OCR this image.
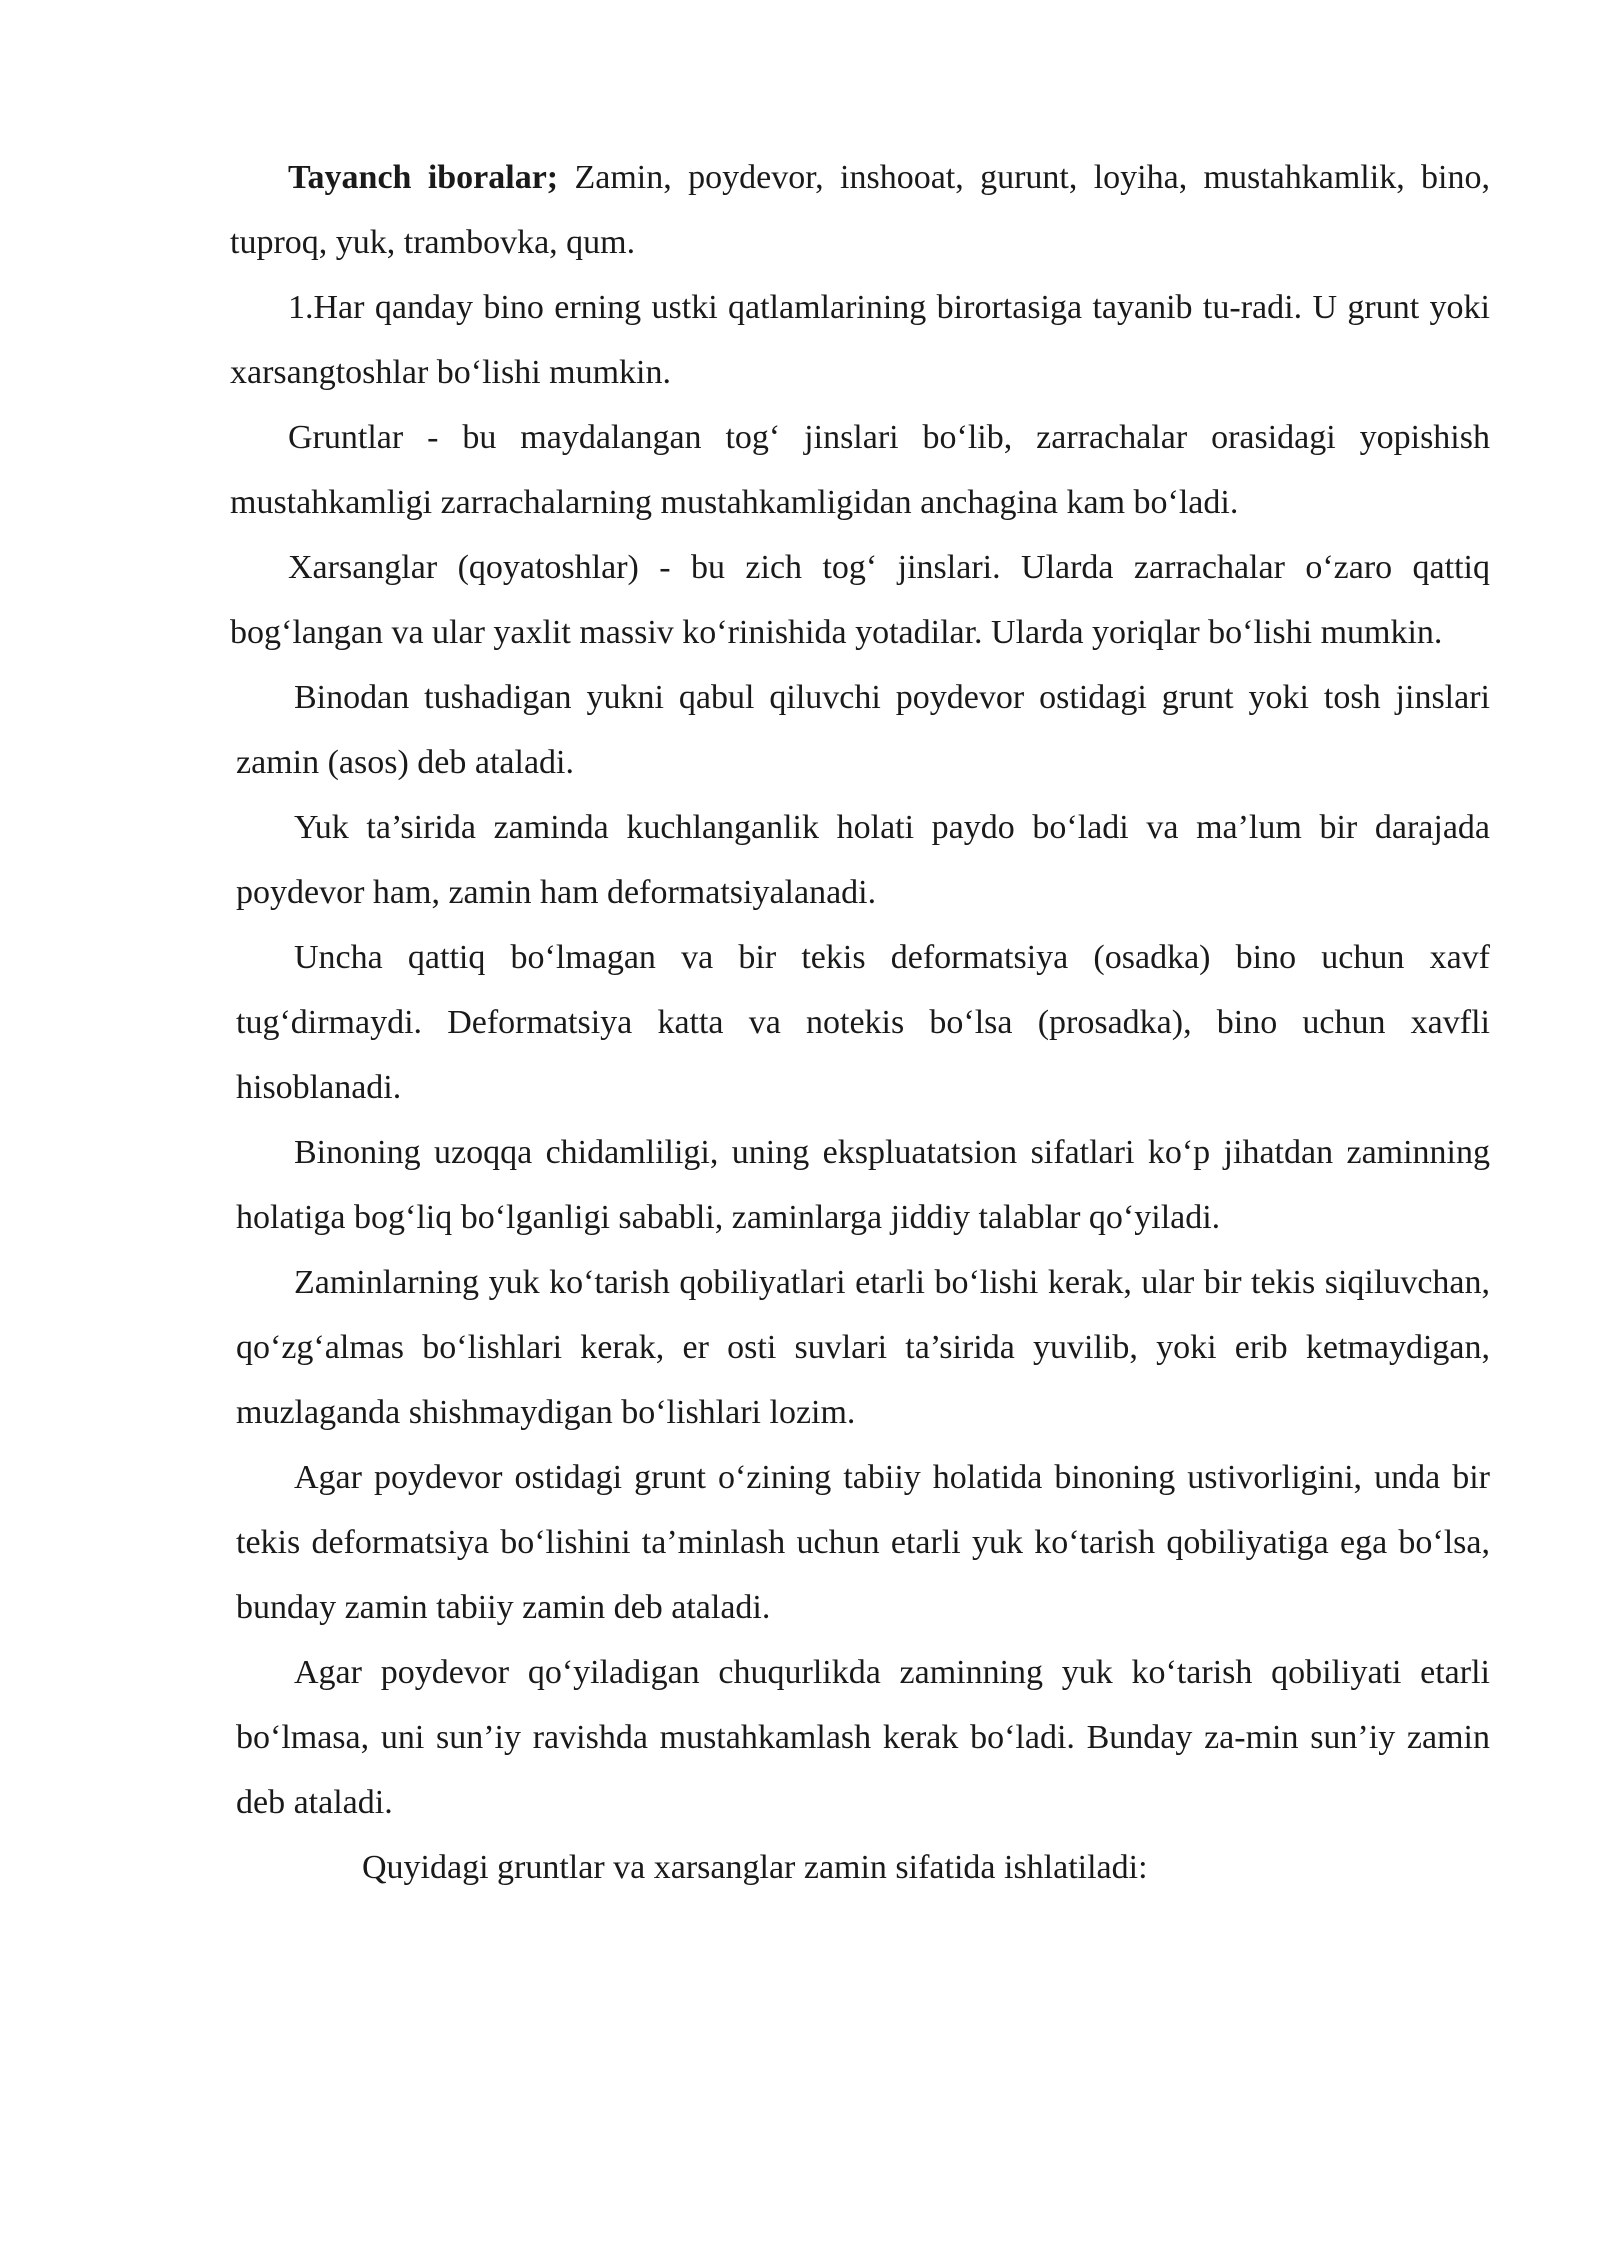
Tayanch iboralar; Zamin, poydevor, inshooat, gurunt, loyiha, mustahkamlik, bino, tuproq, yuk, trambovka, qum.

1.Har qanday bino erning ustki qatlamlarining birortasiga tayanib tu-radi. U grunt yoki xarsangtoshlar bo‘lishi mumkin.

Gruntlar - bu maydalangan tog‘ jinslari bo‘lib, zarrachalar orasidagi yopishish mustahkamligi zarrachalarning mustahkamligidan anchagina kam bo‘ladi.

Xarsanglar (qoyatoshlar) - bu zich tog‘ jinslari. Ularda zarrachalar o‘zaro qattiq bog‘langan va ular yaxlit massiv ko‘rinishida yotadilar. Ularda yoriqlar bo‘lishi mumkin.

Binodan tushadigan yukni qabul qiluvchi poydevor ostidagi grunt yoki tosh jinslari zamin (asos) deb ataladi.

Yuk ta’sirida zaminda kuchlanganlik holati paydo bo‘ladi va ma’lum bir darajada poydevor ham, zamin ham deformatsiyalanadi.

Uncha qattiq bo‘lmagan va bir tekis deformatsiya (osadka) bino uchun xavf tug‘dirmaydi. Deformatsiya katta va notekis bo‘lsa (prosadka), bino uchun xavfli hisoblanadi.

Binoning uzoqqa chidamliligi, uning ekspluatatsion sifatlari ko‘p jihatdan zaminning holatiga bog‘liq bo‘lganligi sababli, zaminlarga jiddiy talablar qo‘yiladi.

Zaminlarning yuk ko‘tarish qobiliyatlari etarli bo‘lishi kerak, ular bir tekis siqiluvchan, qo‘zg‘almas bo‘lishlari kerak, er osti suvlari ta’sirida yuvilib, yoki erib ketmaydigan, muzlaganda shishmaydigan bo‘lishlari lozim.

Agar poydevor ostidagi grunt o‘zining tabiiy holatida binoning ustivorligini, unda bir tekis deformatsiya bo‘lishini ta’minlash uchun etarli yuk ko‘tarish qobiliyatiga ega bo‘lsa, bunday zamin tabiiy zamin deb ataladi.

Agar poydevor qo‘yiladigan chuqurlikda zaminning yuk ko‘tarish qobiliyati etarli bo‘lmasa, uni sun’iy ravishda mustahkamlash kerak bo‘ladi. Bunday za-min sun’iy zamin deb ataladi.

Quyidagi gruntlar va xarsanglar zamin sifatida ishlatiladi:
